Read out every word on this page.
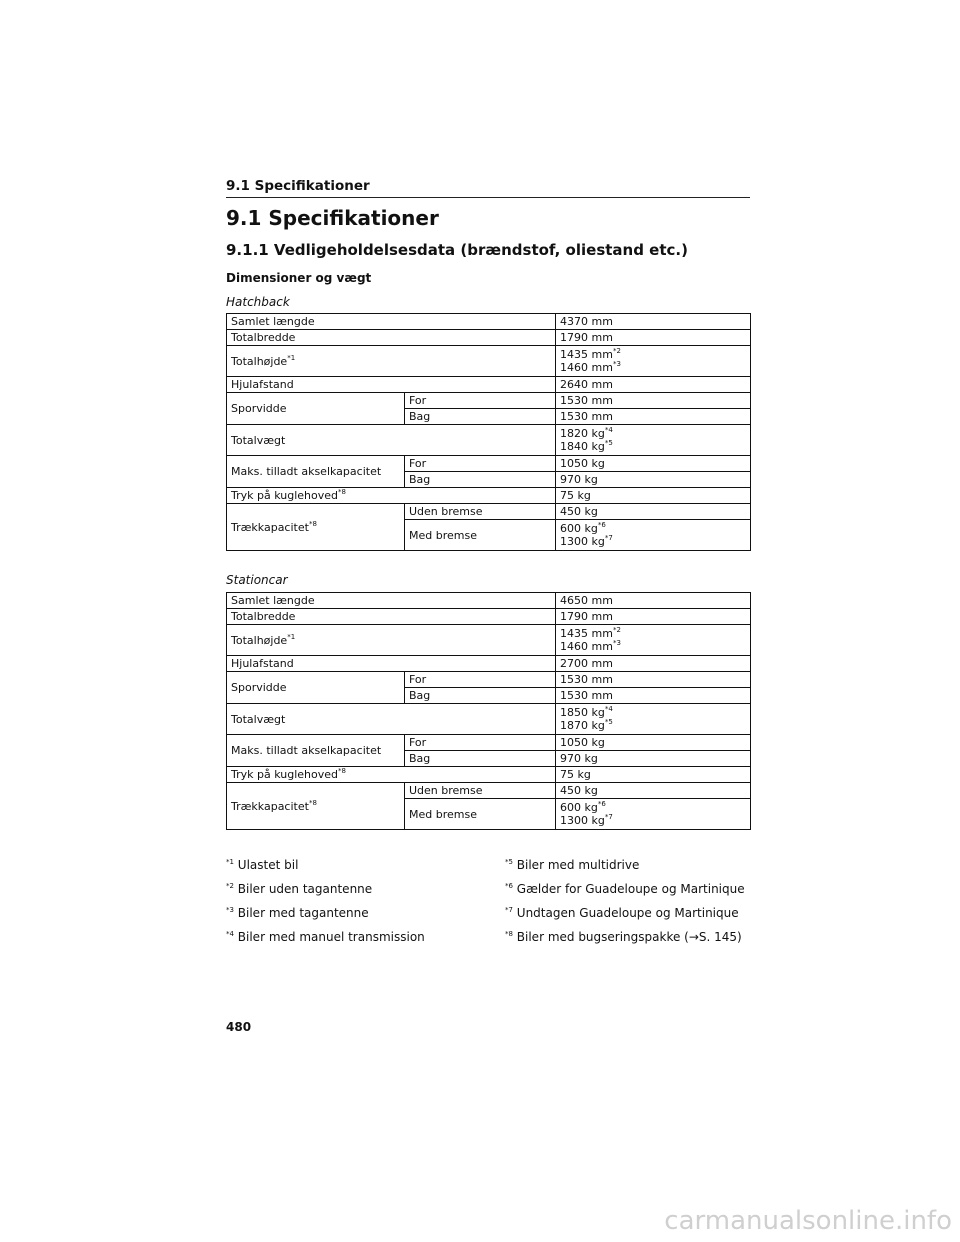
9.1 Specifikationer
9.1 Specifikationer
9.1.1 Vedligeholdelsesdata (brændstof, oliestand etc.)
Dimensioner og vægt
Hatchback
Samlet længde		4370 mm
Totalbredde		1790 mm
Totalhøjde$^{*1}$		1435 $mm^{*2}$
1460 $mm^{*3}$
Hjulafstand		2640 mm
Sporvidde	For	1530 mm
	Bag	1530 mm
Totalvægt		1820 $kg^{*4}$
1840 $kg^{*5}$
Maks. tilladt akselkapacitet	For	1050 kg
	Bag	970 kg
Tryk på kuglehoved$^{*8}$		75 kg
Trækkapacitet$^{*8}$	Uden bremse	450 kg
	Med bremse	600 $kg^{*6}$
1300 $kg^{*7}$
Stationcar
Samlet længde		4650 mm
Totalbredde		1790 mm
Totalhøjde$^{*1}$		1435 $mm^{*2}$
1460 $mm^{*3}$
Hjulafstand		2700 mm
Sporvidde	For	1530 mm
	Bag	1530 mm
Totalvægt		1850 $kg^{*4}$
1870 $kg^{*5}$
Maks. tilladt akselkapacitet	For	1050 kg
	Bag	970 kg
Tryk på kuglehoved$^{*8}$		75 kg
Trækkapacitet$^{*8}$	Uden bremse	450 kg
	Med bremse	600 $kg^{*6}$
1300 $kg^{*7}$
$^{*1}$ Ulastet bil
$^{*2}$ Biler uden tagantenne
$^{*3}$ Biler med tagantenne
$^{*4}$ Biler med manuel transmission
$^{*5}$ Biler med multidrive
$^{*6}$ Gælder for Guadeloupe og Martinique
$^{*7}$ Undtagen Guadeloupe og Martinique
$^{*8}$ Biler med bugseringspakke (→S. 145)
480
carmanualsonline.info
